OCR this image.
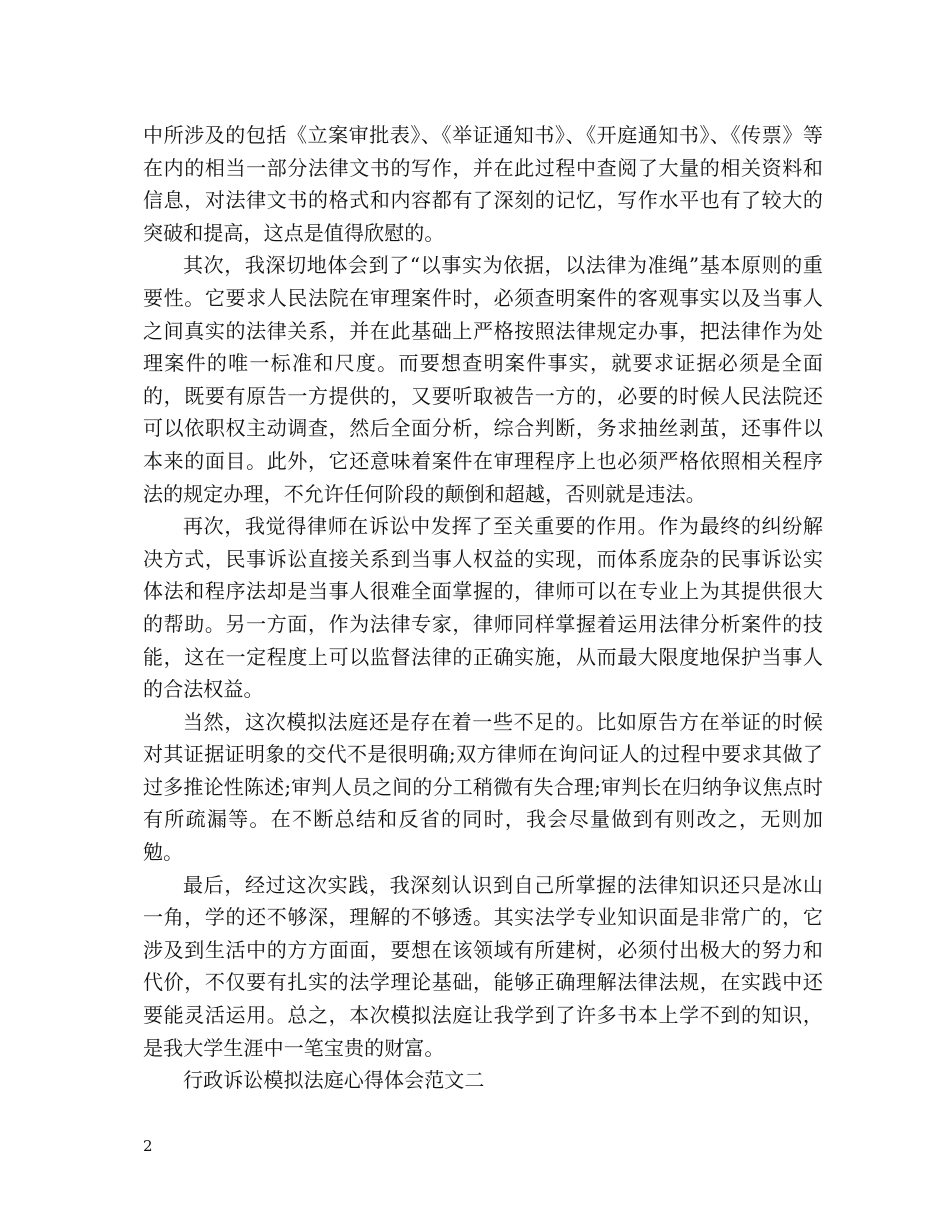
中所涉及的包括《立案审批表》、《举证通知书》、《开庭通知书》、《传票》等在内的相当一部分法律文书的写作，并在此过程中查阅了大量的相关资料和信息，对法律文书的格式和内容都有了深刻的记忆，写作水平也有了较大的突破和提高，这点是值得欣慰的。

其次，我深切地体会到了“以事实为依据，以法律为准绳”基本原则的重要性。它要求人民法院在审理案件时，必须查明案件的客观事实以及当事人之间真实的法律关系，并在此基础上严格按照法律规定办事，把法律作为处理案件的唯一标准和尺度。而要想查明案件事实，就要求证据必须是全面的，既要有原告一方提供的，又要听取被告一方的，必要的时候人民法院还可以依职权主动调查，然后全面分析，综合判断，务求抽丝剥茧，还事件以本来的面目。此外，它还意味着案件在审理程序上也必须严格依照相关程序法的规定办理，不允许任何阶段的颠倒和超越，否则就是违法。

再次，我觉得律师在诉讼中发挥了至关重要的作用。作为最终的纠纷解决方式，民事诉讼直接关系到当事人权益的实现，而体系庞杂的民事诉讼实体法和程序法却是当事人很难全面掌握的，律师可以在专业上为其提供很大的帮助。另一方面，作为法律专家，律师同样掌握着运用法律分析案件的技能，这在一定程度上可以监督法律的正确实施，从而最大限度地保护当事人的合法权益。

当然，这次模拟法庭还是存在着一些不足的。比如原告方在举证的时候对其证据证明象的交代不是很明确;双方律师在询问证人的过程中要求其做了过多推论性陈述;审判人员之间的分工稍微有失合理;审判长在归纳争议焦点时有所疏漏等。在不断总结和反省的同时，我会尽量做到有则改之，无则加勉。

最后，经过这次实践，我深刻认识到自己所掌握的法律知识还只是冰山一角，学的还不够深，理解的不够透。其实法学专业知识面是非常广的，它涉及到生活中的方方面面，要想在该领域有所建树，必须付出极大的努力和代价，不仅要有扎实的法学理论基础，能够正确理解法律法规，在实践中还要能灵活运用。总之，本次模拟法庭让我学到了许多书本上学不到的知识，是我大学生涯中一笔宝贵的财富。

行政诉讼模拟法庭心得体会范文二

2
